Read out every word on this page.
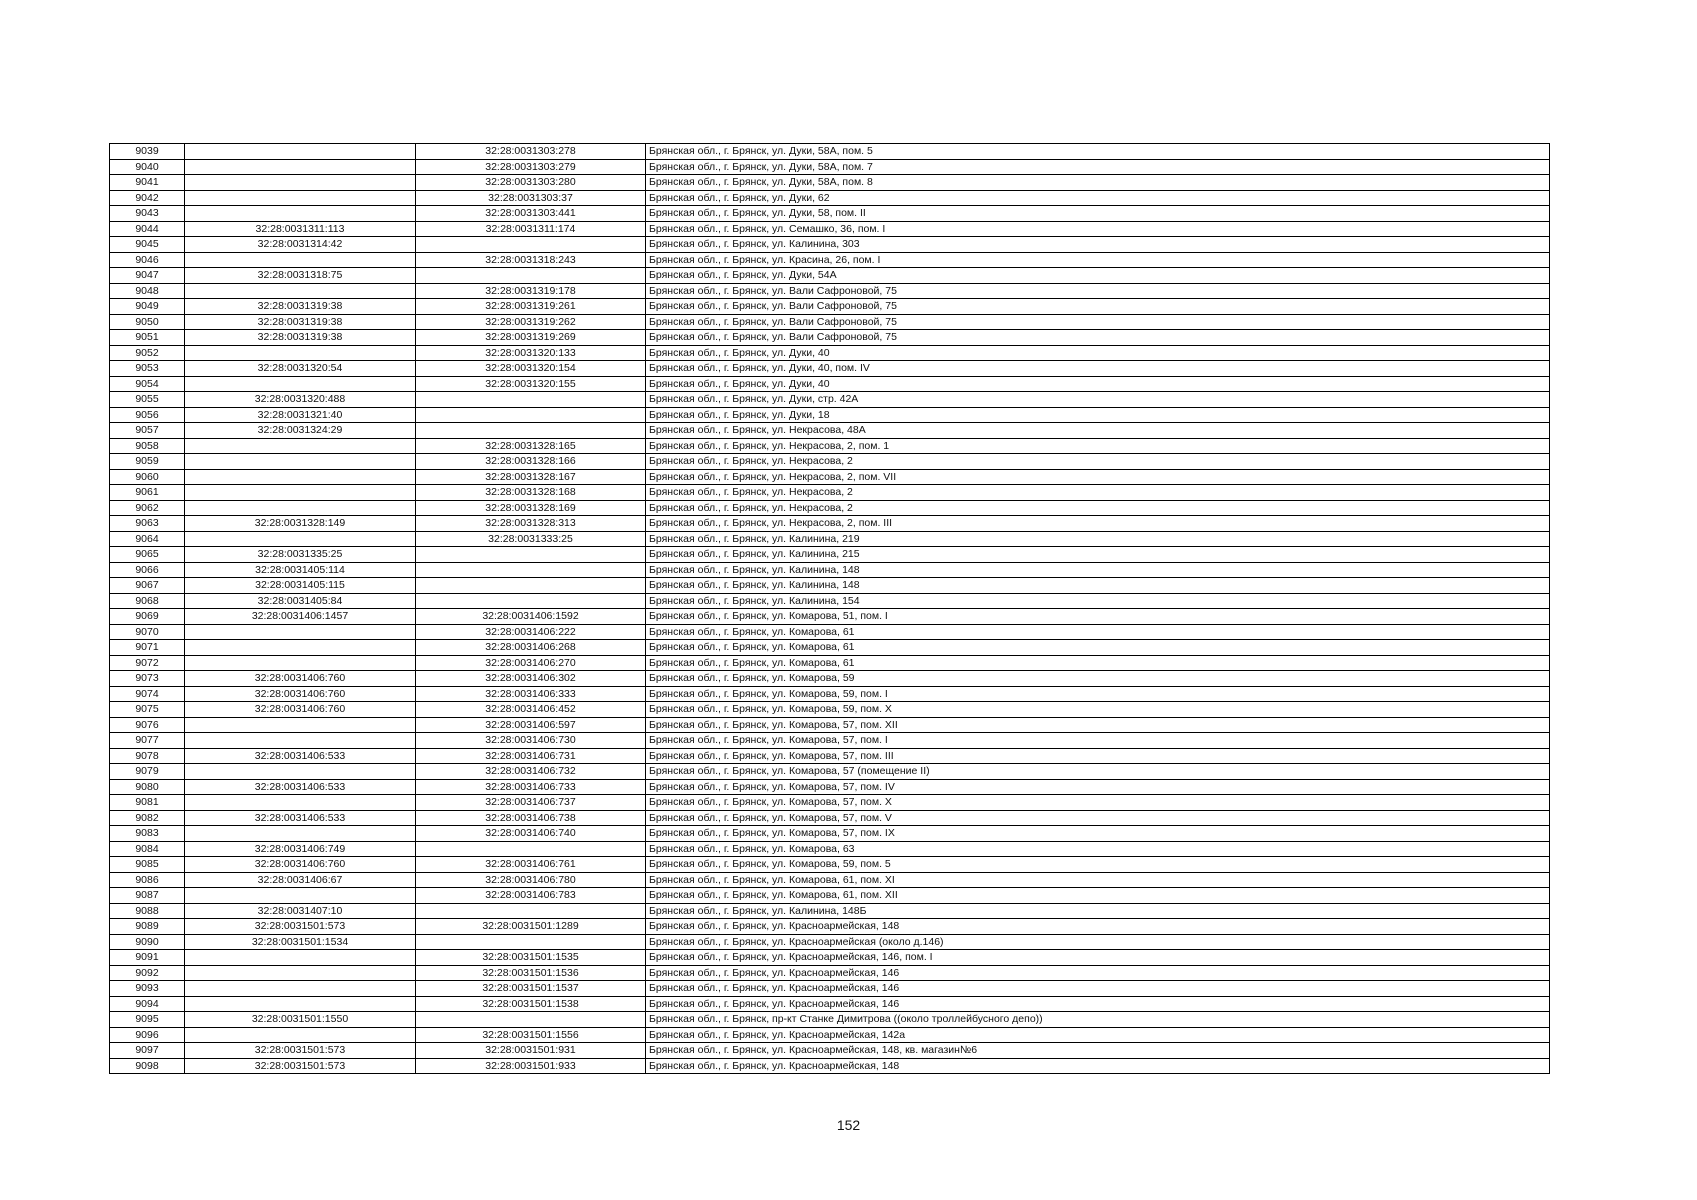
9039		32:28:0031303:278	Брянская обл., г. Брянск, ул. Дуки, 58А, пом. 5
9040		32:28:0031303:279	Брянская обл., г. Брянск, ул. Дуки, 58А, пом. 7
9041		32:28:0031303:280	Брянская обл., г. Брянск, ул. Дуки, 58А, пом. 8
9042		32:28:0031303:37	Брянская обл., г. Брянск, ул. Дуки, 62
9043		32:28:0031303:441	Брянская обл., г. Брянск, ул. Дуки, 58, пом. II
9044	32:28:0031311:113	32:28:0031311:174	Брянская обл., г. Брянск, ул. Семашко, 36, пом. I
9045	32:28:0031314:42		Брянская обл., г. Брянск, ул. Калинина, 303
9046		32:28:0031318:243	Брянская обл., г. Брянск, ул. Красина, 26, пом. I
9047	32:28:0031318:75		Брянская обл., г. Брянск, ул. Дуки, 54А
9048		32:28:0031319:178	Брянская обл., г. Брянск, ул. Вали Сафроновой, 75
9049	32:28:0031319:38	32:28:0031319:261	Брянская обл., г. Брянск, ул. Вали Сафроновой, 75
9050	32:28:0031319:38	32:28:0031319:262	Брянская обл., г. Брянск, ул. Вали Сафроновой, 75
9051	32:28:0031319:38	32:28:0031319:269	Брянская обл., г. Брянск, ул. Вали Сафроновой, 75
9052		32:28:0031320:133	Брянская обл., г. Брянск, ул. Дуки, 40
9053	32:28:0031320:54	32:28:0031320:154	Брянская обл., г. Брянск, ул. Дуки, 40, пом. IV
9054		32:28:0031320:155	Брянская обл., г. Брянск, ул. Дуки, 40
9055	32:28:0031320:488		Брянская обл., г. Брянск, ул. Дуки, стр. 42А
9056	32:28:0031321:40		Брянская обл., г. Брянск, ул. Дуки, 18
9057	32:28:0031324:29		Брянская обл., г. Брянск, ул. Некрасова, 48А
9058		32:28:0031328:165	Брянская обл., г. Брянск, ул. Некрасова, 2, пом. 1
9059		32:28:0031328:166	Брянская обл., г. Брянск, ул. Некрасова, 2
9060		32:28:0031328:167	Брянская обл., г. Брянск, ул. Некрасова, 2, пом. VII
9061		32:28:0031328:168	Брянская обл., г. Брянск, ул. Некрасова, 2
9062		32:28:0031328:169	Брянская обл., г. Брянск, ул. Некрасова, 2
9063	32:28:0031328:149	32:28:0031328:313	Брянская обл., г. Брянск, ул. Некрасова, 2, пом. III
9064		32:28:0031333:25	Брянская обл., г. Брянск, ул. Калинина, 219
9065	32:28:0031335:25		Брянская обл., г. Брянск, ул. Калинина, 215
9066	32:28:0031405:114		Брянская обл., г. Брянск, ул. Калинина, 148
9067	32:28:0031405:115		Брянская обл., г. Брянск, ул. Калинина, 148
9068	32:28:0031405:84		Брянская обл., г. Брянск, ул. Калинина, 154
9069	32:28:0031406:1457	32:28:0031406:1592	Брянская обл., г. Брянск, ул. Комарова, 51, пом. I
9070		32:28:0031406:222	Брянская обл., г. Брянск, ул. Комарова, 61
9071		32:28:0031406:268	Брянская обл., г. Брянск, ул. Комарова, 61
9072		32:28:0031406:270	Брянская обл., г. Брянск, ул. Комарова, 61
9073	32:28:0031406:760	32:28:0031406:302	Брянская обл., г. Брянск, ул. Комарова, 59
9074	32:28:0031406:760	32:28:0031406:333	Брянская обл., г. Брянск, ул. Комарова, 59, пом. I
9075	32:28:0031406:760	32:28:0031406:452	Брянская обл., г. Брянск, ул. Комарова, 59, пом. X
9076		32:28:0031406:597	Брянская обл., г. Брянск, ул. Комарова, 57, пом. XII
9077		32:28:0031406:730	Брянская обл., г. Брянск, ул. Комарова, 57, пом. I
9078	32:28:0031406:533	32:28:0031406:731	Брянская обл., г. Брянск, ул. Комарова, 57, пом. III
9079		32:28:0031406:732	Брянская обл., г. Брянск, ул. Комарова, 57 (помещение II)
9080	32:28:0031406:533	32:28:0031406:733	Брянская обл., г. Брянск, ул. Комарова, 57, пом. IV
9081		32:28:0031406:737	Брянская обл., г. Брянск, ул. Комарова, 57, пом. X
9082	32:28:0031406:533	32:28:0031406:738	Брянская обл., г. Брянск, ул. Комарова, 57, пом. V
9083		32:28:0031406:740	Брянская обл., г. Брянск, ул. Комарова, 57, пом. IX
9084	32:28:0031406:749		Брянская обл., г. Брянск, ул. Комарова, 63
9085	32:28:0031406:760	32:28:0031406:761	Брянская обл., г. Брянск, ул. Комарова, 59, пом. 5
9086	32:28:0031406:67	32:28:0031406:780	Брянская обл., г. Брянск, ул. Комарова, 61, пом. XI
9087		32:28:0031406:783	Брянская обл., г. Брянск, ул. Комарова, 61, пом. XII
9088	32:28:0031407:10		Брянская обл., г. Брянск, ул. Калинина, 148Б
9089	32:28:0031501:573	32:28:0031501:1289	Брянская обл., г. Брянск, ул. Красноармейская, 148
9090	32:28:0031501:1534		Брянская обл., г. Брянск, ул. Красноармейская (около д.146)
9091		32:28:0031501:1535	Брянская обл., г. Брянск, ул. Красноармейская, 146, пом. I
9092		32:28:0031501:1536	Брянская обл., г. Брянск, ул. Красноармейская, 146
9093		32:28:0031501:1537	Брянская обл., г. Брянск, ул. Красноармейская, 146
9094		32:28:0031501:1538	Брянская обл., г. Брянск, ул. Красноармейская, 146
9095	32:28:0031501:1550		Брянская обл., г. Брянск, пр-кт Станке Димитрова ((около троллейбусного депо))
9096		32:28:0031501:1556	Брянская обл., г. Брянск, ул. Красноармейская, 142а
9097	32:28:0031501:573	32:28:0031501:931	Брянская обл., г. Брянск, ул. Красноармейская, 148, кв. магазин№6
9098	32:28:0031501:573	32:28:0031501:933	Брянская обл., г. Брянск, ул. Красноармейская, 148
152
